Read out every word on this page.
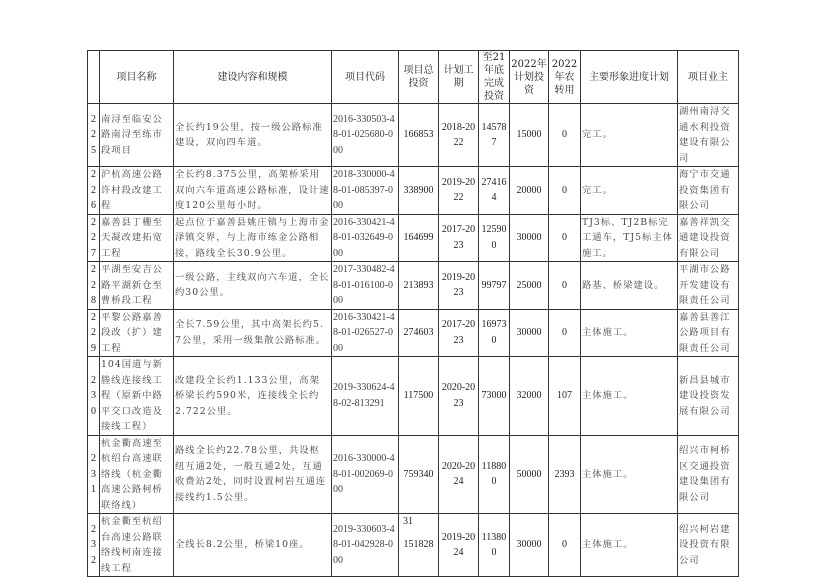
	项目名称	建设内容和规模	项目代码	项目总投资	计划工期	至21年底完成投资	2022年计划投资	2022年农转用	主要形象进度计划	项目业主
225	南浔至临安公路南浔至练市段项目	全长约19公里，按一级公路标准建设，双向四车道。	2016-330503-48-01-025680-000	166853	2018-2022	145787	15000	0	完工。	湖州南浔交通水利投资建设有限公司
226	沪杭高速公路许村段改建工程	全长约8.375公里，高架桥采用双向六车道高速公路标准，设计速度120公里每小时。	2018-330000-48-01-085397-000	338900	2019-2022	274164	20000	0	完工。	海宁市交通投资集团有限公司
227	嘉善县丁栅至天凝改建拓宽工程	起点位于嘉善县姚庄镇与上海市金泽镇交界，与上海市练金公路相接，路线全长30.9公里。	2016-330421-48-01-032649-000	164699	2017-2023	125900	30000	0	TJ3标、TJ2B标完工通车，TJ5标主体施工。	嘉善祥凯交通建设投资有限公司
228	平湖至安吉公路平湖新仓至曹桥段工程	一级公路，主线双向六车道，全长约30公里。	2017-330482-48-01-016100-000	213893	2019-2023	99797	25000	0	路基、桥梁建设。	平湖市公路开发建设有限责任公司
229	平黎公路嘉善段改（扩）建工程	全长7.59公里，其中高架长约5.7公里，采用一级集散公路标准。	2016-330421-48-01-026527-000	274603	2017-2023	169730	30000	0	主体施工。	嘉善县善江公路项目有限责任公司
230	104国道与新塍线连接线工程（原新中路平交口改造及接线工程）	改建段全长约1.133公里，高架桥梁长约590米，连接线全长约2.722公里。	2019-330624-48-02-813291	117500	2020-2023	73000	32000	107	主体施工。	新昌县城市建设投资发展有限公司
231	杭金衢高速至杭绍台高速联络线（杭金衢高速公路柯桥联络线）	路线全长约22.78公里，共设枢纽互通2处，一般互通2处，互通收费站2处，同时设置柯岩互通连接线约1.5公里。	2016-330000-48-01-002069-000	759340	2020-2024	118800	50000	2393	主体施工。	绍兴市柯桥区交通投资建设集团有限公司
232	杭金衢至杭绍台高速公路联络线柯南连接线工程	全线长8.2公里，桥梁10座。	2019-330603-48-01-042928-000	151828	2019-2024	113800	30000	0	主体施工。	绍兴柯岩建设投资有限公司
31
